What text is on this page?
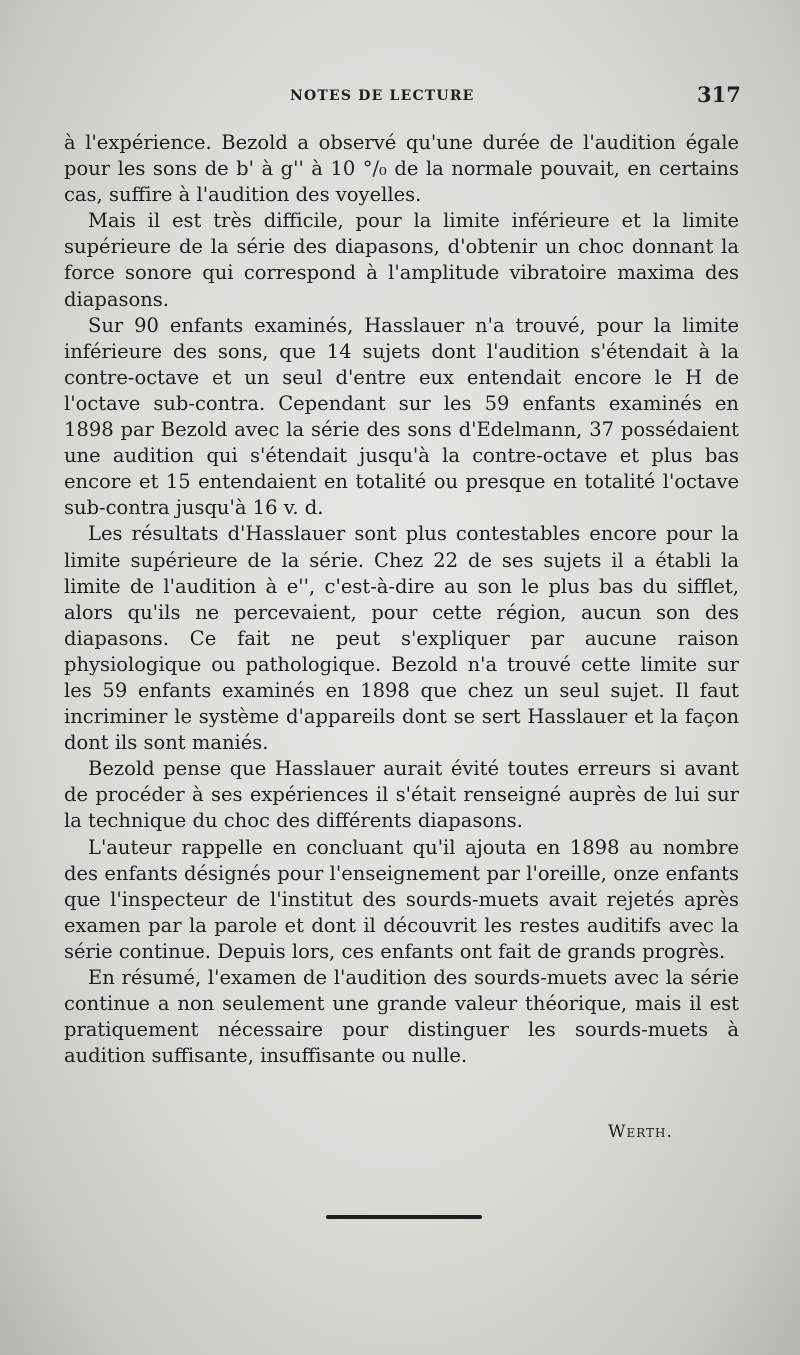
NOTES DE LECTURE	317

à l'expérience. Bezold a observé qu'une durée de l'audition égale pour les sons de b' à g'' à 10 °/₀ de la normale pouvait, en certains cas, suffire à l'audition des voyelles.

Mais il est très difficile, pour la limite inférieure et la limite supérieure de la série des diapasons, d'obtenir un choc donnant la force sonore qui correspond à l'amplitude vibratoire maxima des diapasons.

Sur 90 enfants examinés, Hasslauer n'a trouvé, pour la limite inférieure des sons, que 14 sujets dont l'audition s'étendait à la contre-octave et un seul d'entre eux entendait encore le H de l'octave sub-contra. Cependant sur les 59 enfants examinés en 1898 par Bezold avec la série des sons d'Edelmann, 37 possédaient une audition qui s'étendait jusqu'à la contre-octave et plus bas encore et 15 entendaient en totalité ou presque en totalité l'octave sub-contra jusqu'à 16 v. d.

Les résultats d'Hasslauer sont plus contestables encore pour la limite supérieure de la série. Chez 22 de ses sujets il a établi la limite de l'audition à e'', c'est-à-dire au son le plus bas du sifflet, alors qu'ils ne percevaient, pour cette région, aucun son des diapasons. Ce fait ne peut s'expliquer par aucune raison physiologique ou pathologique. Bezold n'a trouvé cette limite sur les 59 enfants examinés en 1898 que chez un seul sujet. Il faut incriminer le système d'appareils dont se sert Hasslauer et la façon dont ils sont maniés.

Bezold pense que Hasslauer aurait évité toutes erreurs si avant de procéder à ses expériences il s'était renseigné auprès de lui sur la technique du choc des différents diapasons.

L'auteur rappelle en concluant qu'il ajouta en 1898 au nombre des enfants désignés pour l'enseignement par l'oreille, onze enfants que l'inspecteur de l'institut des sourds-muets avait rejetés après examen par la parole et dont il découvrit les restes auditifs avec la série continue. Depuis lors, ces enfants ont fait de grands progrès.

En résumé, l'examen de l'audition des sourds-muets avec la série continue a non seulement une grande valeur théorique, mais il est pratiquement nécessaire pour distinguer les sourds-muets à audition suffisante, insuffisante ou nulle.

Werth.
